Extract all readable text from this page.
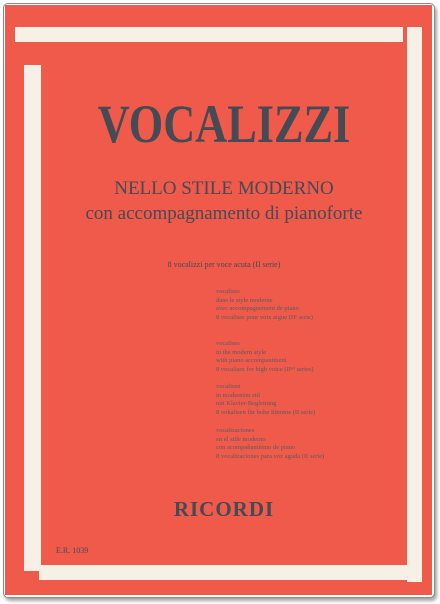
VOCALIZZI
NELLO STILE MODERNO
con accompagnamento di pianoforte
8 vocalizzi per voce acuta (II serie)
vocalises
dans le style moderne
avec accompagnement de piano
8 vocalises pour voix aigue (IIᵉ serie)
vocalises
in the modern style
with piano accompaniment
8 vocalises for high voice (IIⁿᵈ series)
vocalisen
in modernem stil
mit Klavier-Begleitung
8 vokalisen für hohe Stimme (II serie)
vocalizaciones
en el stile moderno
con acompañamiento de piano
8 vocalizaciones para voz aguda (II serie)
RICORDI
E.R. 1039
